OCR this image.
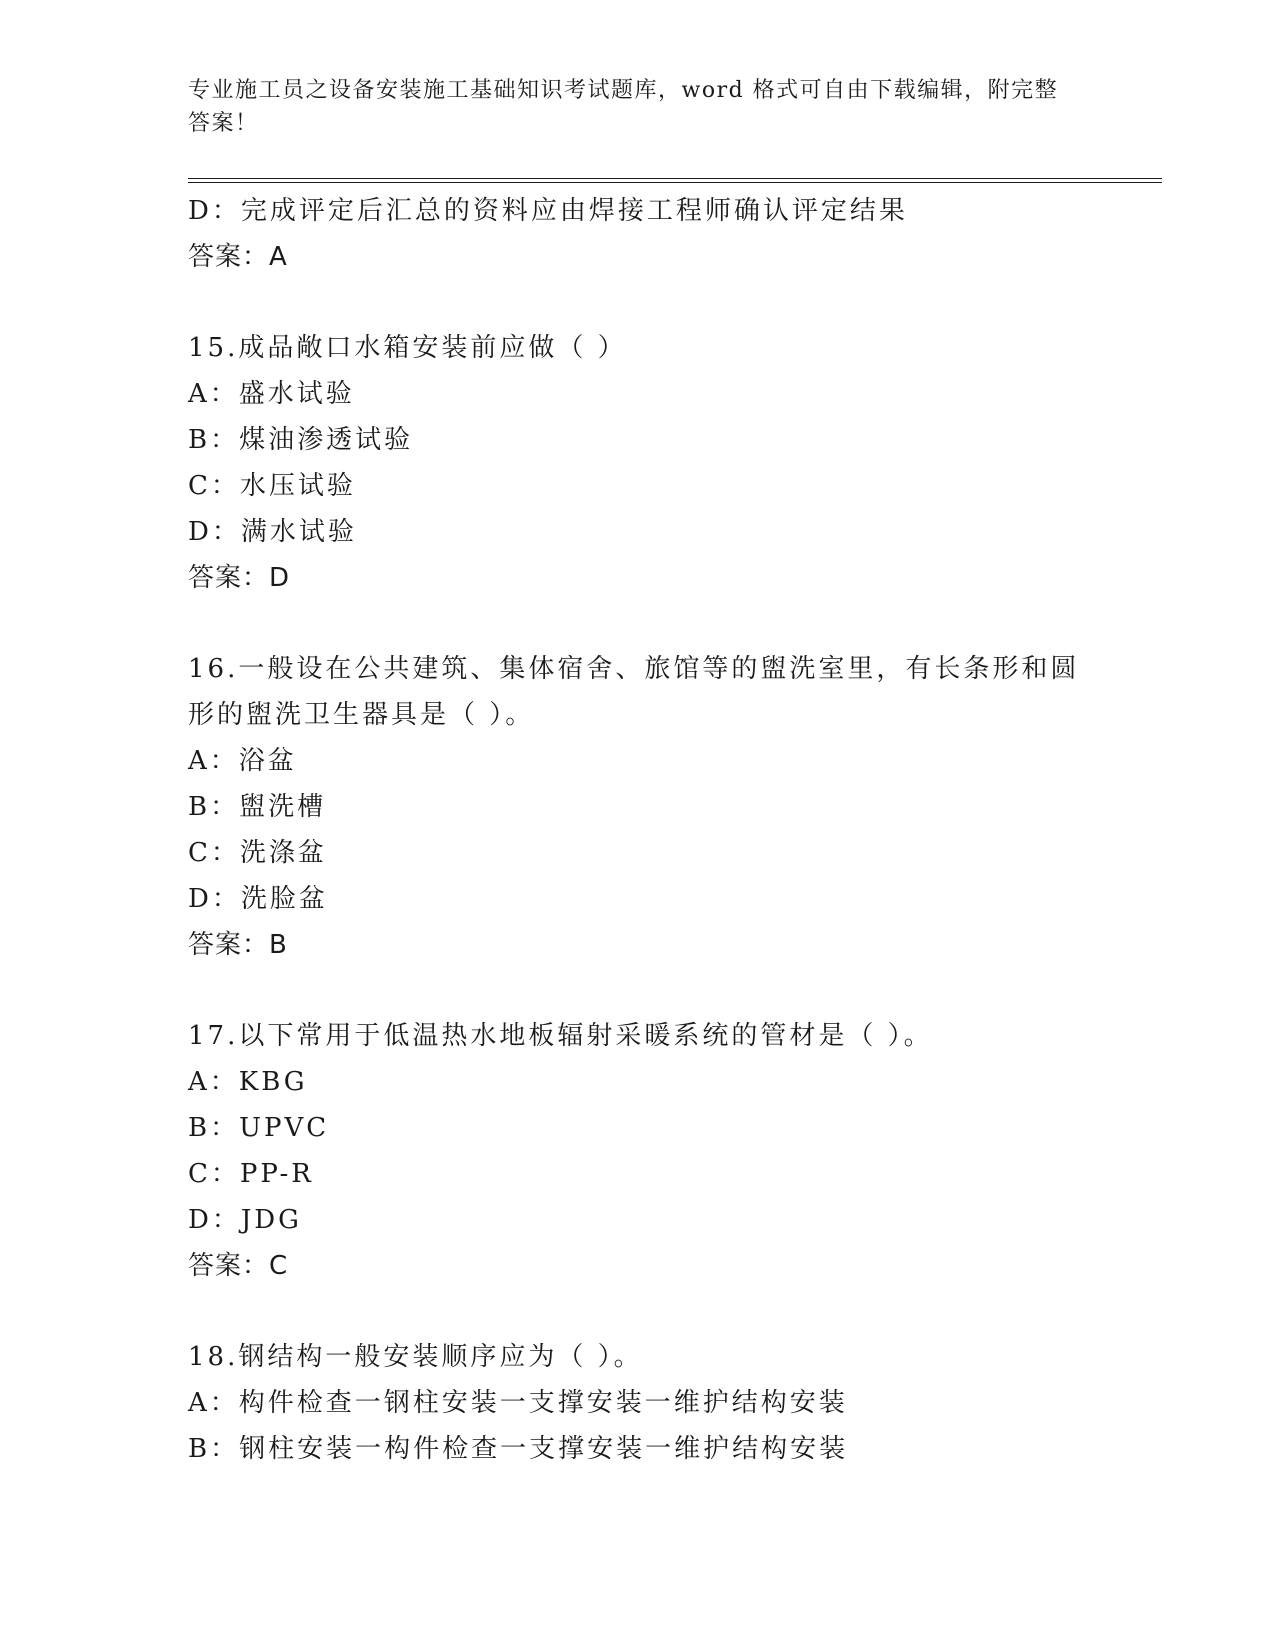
专业施工员之设备安装施工基础知识考试题库，word 格式可自由下载编辑，附完整答案！
D：完成评定后汇总的资料应由焊接工程师确认评定结果
答案：A
15.成品敞口水箱安装前应做（ ）
A：盛水试验
B：煤油渗透试验
C：水压试验
D：满水试验
答案：D
16.一般设在公共建筑、集体宿舍、旅馆等的盥洗室里，有长条形和圆形的盥洗卫生器具是（ ）。
A：浴盆
B：盥洗槽
C：洗涤盆
D：洗脸盆
答案：B
17.以下常用于低温热水地板辐射采暖系统的管材是（ ）。
A：KBG
B：UPVC
C：PP-R
D：JDG
答案：C
18.钢结构一般安装顺序应为（ ）。
A：构件检查一钢柱安装一支撑安装一维护结构安装
B：钢柱安装一构件检查一支撑安装一维护结构安装
